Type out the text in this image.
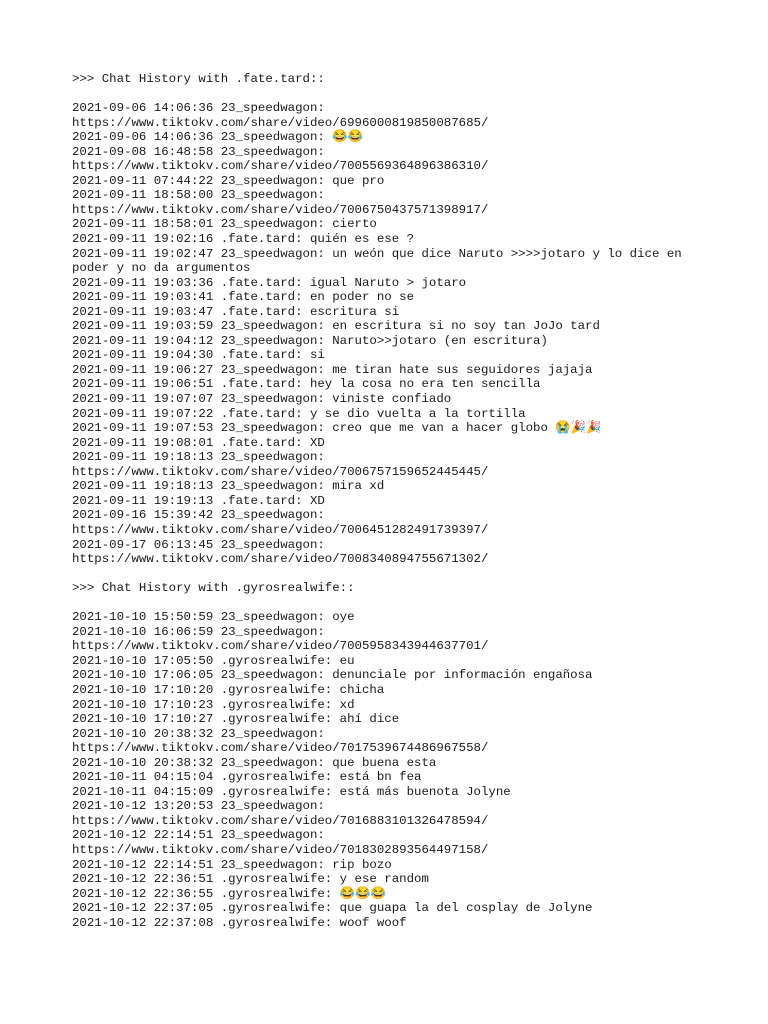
>>> Chat History with .fate.tard::
2021-09-06 14:06:36 23_speedwagon:
https://www.tiktokv.com/share/video/6996000819850087685/
2021-09-06 14:06:36 23_speedwagon: 😂😂
2021-09-08 16:48:58 23_speedwagon:
https://www.tiktokv.com/share/video/7005569364896386310/
2021-09-11 07:44:22 23_speedwagon: que pro
2021-09-11 18:58:00 23_speedwagon:
https://www.tiktokv.com/share/video/7006750437571398917/
2021-09-11 18:58:01 23_speedwagon: cierto
2021-09-11 19:02:16 .fate.tard: quién es ese ?
2021-09-11 19:02:47 23_speedwagon: un weón que dice Naruto >>>>jotaro y lo dice en poder y no da argumentos
2021-09-11 19:03:36 .fate.tard: igual Naruto > jotaro
2021-09-11 19:03:41 .fate.tard: en poder no se
2021-09-11 19:03:47 .fate.tard: escritura si
2021-09-11 19:03:59 23_speedwagon: en escritura si no soy tan JoJo tard
2021-09-11 19:04:12 23_speedwagon: Naruto>>jotaro (en escritura)
2021-09-11 19:04:30 .fate.tard: si
2021-09-11 19:06:27 23_speedwagon: me tiran hate sus seguidores jajaja
2021-09-11 19:06:51 .fate.tard: hey la cosa no era ten sencilla
2021-09-11 19:07:07 23_speedwagon: viniste confiado
2021-09-11 19:07:22 .fate.tard: y se dio vuelta a la tortilla
2021-09-11 19:07:53 23_speedwagon: creo que me van a hacer globo 😭🎉🎉
2021-09-11 19:08:01 .fate.tard: XD
2021-09-11 19:18:13 23_speedwagon:
https://www.tiktokv.com/share/video/7006757159652445445/
2021-09-11 19:18:13 23_speedwagon: mira xd
2021-09-11 19:19:13 .fate.tard: XD
2021-09-16 15:39:42 23_speedwagon:
https://www.tiktokv.com/share/video/7006451282491739397/
2021-09-17 06:13:45 23_speedwagon:
https://www.tiktokv.com/share/video/7008340894755671302/
>>> Chat History with .gyrosrealwife::
2021-10-10 15:50:59 23_speedwagon: oye
2021-10-10 16:06:59 23_speedwagon:
https://www.tiktokv.com/share/video/7005958343944637701/
2021-10-10 17:05:50 .gyrosrealwife: eu
2021-10-10 17:06:05 23_speedwagon: denunciale por información engañosa
2021-10-10 17:10:20 .gyrosrealwife: chicha
2021-10-10 17:10:23 .gyrosrealwife: xd
2021-10-10 17:10:27 .gyrosrealwife: ahí dice
2021-10-10 20:38:32 23_speedwagon:
https://www.tiktokv.com/share/video/7017539674486967558/
2021-10-10 20:38:32 23_speedwagon: que buena esta
2021-10-11 04:15:04 .gyrosrealwife: está bn fea
2021-10-11 04:15:09 .gyrosrealwife: está más buenota Jolyne
2021-10-12 13:20:53 23_speedwagon:
https://www.tiktokv.com/share/video/7016883101326478594/
2021-10-12 22:14:51 23_speedwagon:
https://www.tiktokv.com/share/video/7018302893564497158/
2021-10-12 22:14:51 23_speedwagon: rip bozo
2021-10-12 22:36:51 .gyrosrealwife: y ese random
2021-10-12 22:36:55 .gyrosrealwife: 😂😂😂
2021-10-12 22:37:05 .gyrosrealwife: que guapa la del cosplay de Jolyne
2021-10-12 22:37:08 .gyrosrealwife: woof woof
